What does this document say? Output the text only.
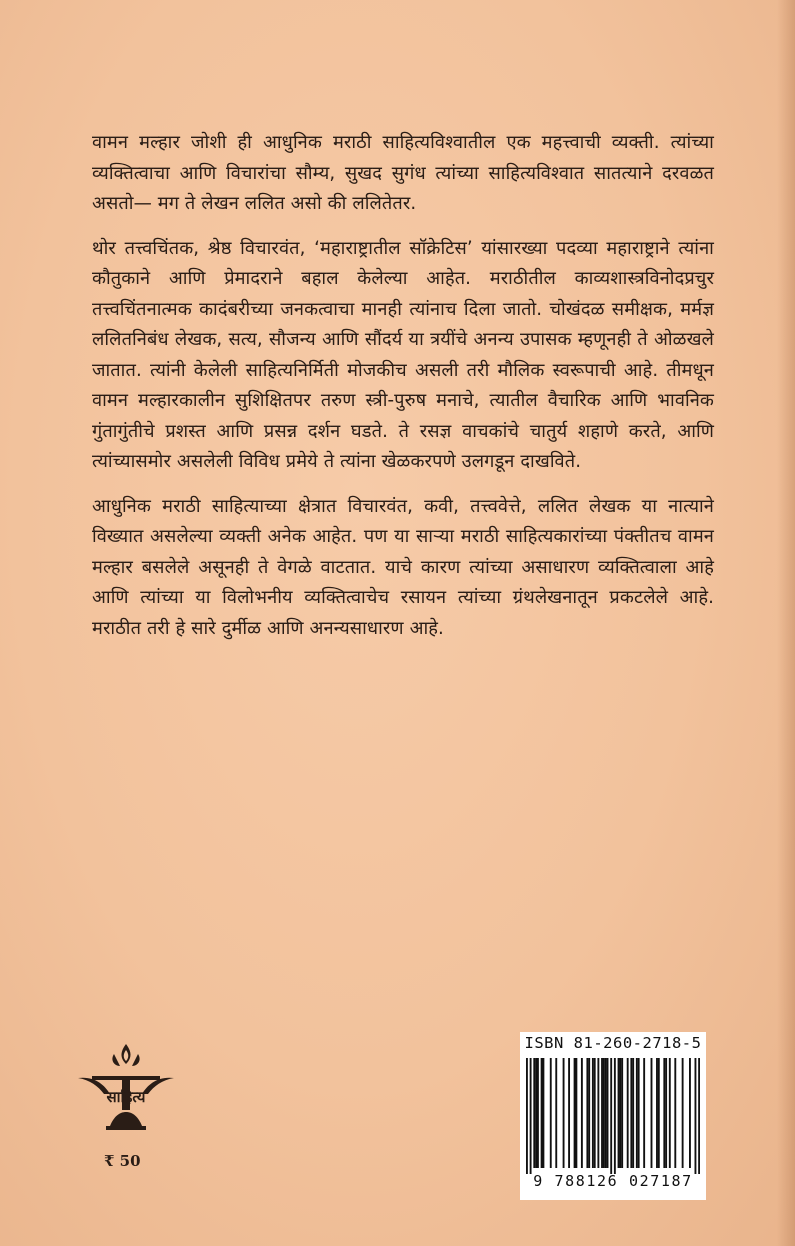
वामन मल्हार जोशी ही आधुनिक मराठी साहित्यविश्वातील एक महत्त्वाची व्यक्ती. त्यांच्या व्यक्तित्वाचा आणि विचारांचा सौम्य, सुखद सुगंध त्यांच्या साहित्यविश्वात सातत्याने दरवळत असतो— मग ते लेखन ललित असो की ललितेतर.

थोर तत्त्वचिंतक, श्रेष्ठ विचारवंत, ‘महाराष्ट्रातील सॉक्रेटिस’ यांसारख्या पदव्या महाराष्ट्राने त्यांना कौतुकाने आणि प्रेमादराने बहाल केलेल्या आहेत. मराठीतील काव्यशास्त्रविनोदप्रचुर तत्त्वचिंतनात्मक कादंबरीच्या जनकत्वाचा मानही त्यांनाच दिला जातो. चोखंदळ समीक्षक, मर्मज्ञ ललितनिबंध लेखक, सत्य, सौजन्य आणि सौंदर्य या त्रयींचे अनन्य उपासक म्हणूनही ते ओळखले जातात. त्यांनी केलेली साहित्यनिर्मिती मोजकीच असली तरी मौलिक स्वरूपाची आहे. तीमधून वामन मल्हारकालीन सुशिक्षितपर तरुण स्त्री-पुरुष मनाचे, त्यातील वैचारिक आणि भावनिक गुंतागुंतीचे प्रशस्त आणि प्रसन्न दर्शन घडते. ते रसज्ञ वाचकांचे चातुर्य शहाणे करते, आणि त्यांच्यासमोर असलेली विविध प्रमेये ते त्यांना खेळकरपणे उलगडून दाखविते.

आधुनिक मराठी साहित्याच्या क्षेत्रात विचारवंत, कवी, तत्त्ववेत्ते, ललित लेखक या नात्याने विख्यात असलेल्या व्यक्ती अनेक आहेत. पण या साऱ्या मराठी साहित्यकारांच्या पंक्तीतच वामन मल्हार बसलेले असूनही ते वेगळे वाटतात. याचे कारण त्यांच्या असाधारण व्यक्तित्वाला आहे आणि त्यांच्या या विलोभनीय व्यक्तित्वाचेच रसायन त्यांच्या ग्रंथलेखनातून प्रकटलेले आहे. मराठीत तरी हे सारे दुर्मीळ आणि अनन्यसाधारण आहे.

साहित्य
₹ 50
ISBN 81-260-2718-5
9 788126 027187
